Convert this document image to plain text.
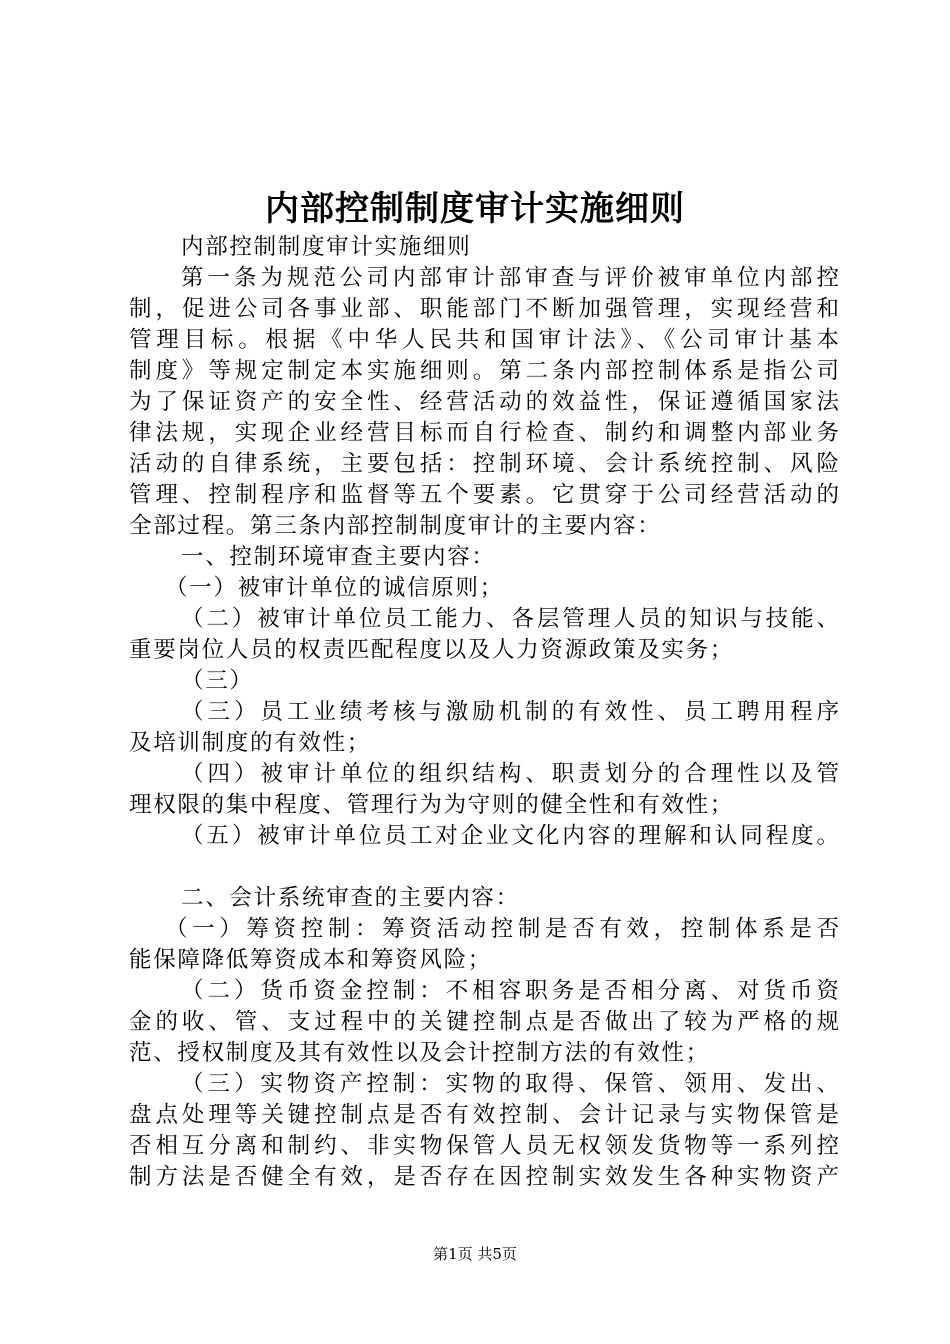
内部控制制度审计实施细则
内部控制制度审计实施细则
第一条为规范公司内部审计部审查与评价被审单位内部控
制，促进公司各事业部、职能部门不断加强管理，实现经营和
管理目标。根据《中华人民共和国审计法》、《公司审计基本
制度》等规定制定本实施细则。第二条内部控制体系是指公司
为了保证资产的安全性、经营活动的效益性，保证遵循国家法
律法规，实现企业经营目标而自行检查、制约和调整内部业务
活动的自律系统，主要包括：控制环境、会计系统控制、风险
管理、控制程序和监督等五个要素。它贯穿于公司经营活动的
全部过程。第三条内部控制制度审计的主要内容：
一、控制环境审查主要内容：
（一）被审计单位的诚信原则；
（二）被审计单位员工能力、各层管理人员的知识与技能、
重要岗位人员的权责匹配程度以及人力资源政策及实务；
（三）
（三）员工业绩考核与激励机制的有效性、员工聘用程序
及培训制度的有效性；
（四）被审计单位的组织结构、职责划分的合理性以及管
理权限的集中程度、管理行为为守则的健全性和有效性；
（五）被审计单位员工对企业文化内容的理解和认同程度。
二、会计系统审查的主要内容：
（一）筹资控制：筹资活动控制是否有效，控制体系是否
能保障降低筹资成本和筹资风险；
（二）货币资金控制：不相容职务是否相分离、对货币资
金的收、管、支过程中的关键控制点是否做出了较为严格的规
范、授权制度及其有效性以及会计控制方法的有效性；
（三）实物资产控制：实物的取得、保管、领用、发出、
盘点处理等关键控制点是否有效控制、会计记录与实物保管是
否相互分离和制约、非实物保管人员无权领发货物等一系列控
制方法是否健全有效，是否存在因控制实效发生各种实物资产
第1页 共5页
